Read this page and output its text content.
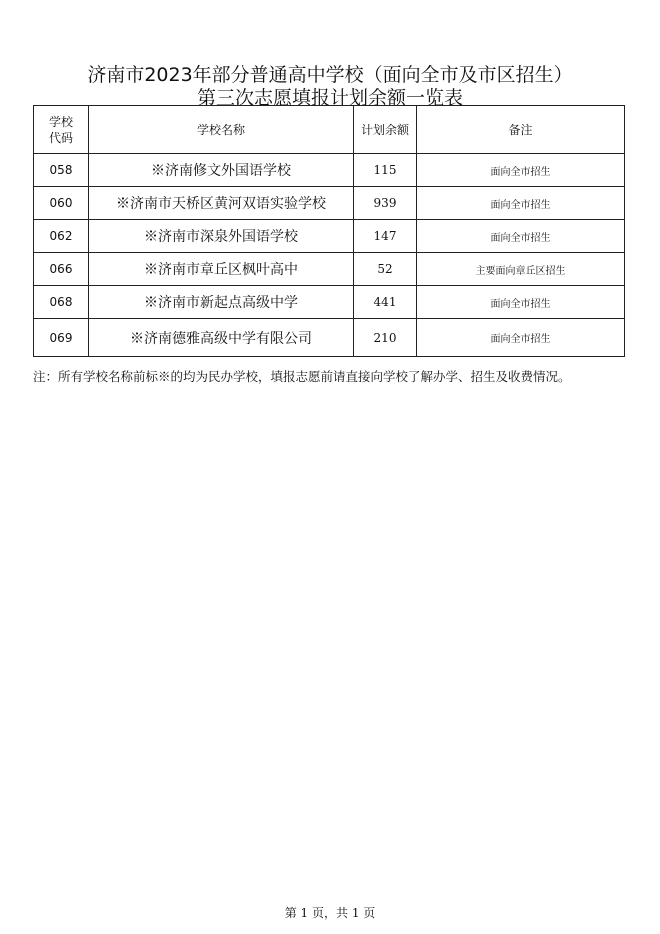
济南市2023年部分普通高中学校（面向全市及市区招生）
第三次志愿填报计划余额一览表
学校
代码	学校名称	计划余额	备注
058	※济南修文外国语学校	115	面向全市招生
060	※济南市天桥区黄河双语实验学校	939	面向全市招生
062	※济南市深泉外国语学校	147	面向全市招生
066	※济南市章丘区枫叶高中	52	主要面向章丘区招生
068	※济南市新起点高级中学	441	面向全市招生
069	※济南德雅高级中学有限公司	210	面向全市招生
注：所有学校名称前标※的均为民办学校，填报志愿前请直接向学校了解办学、招生及收费情况。
第 1 页，共 1 页
